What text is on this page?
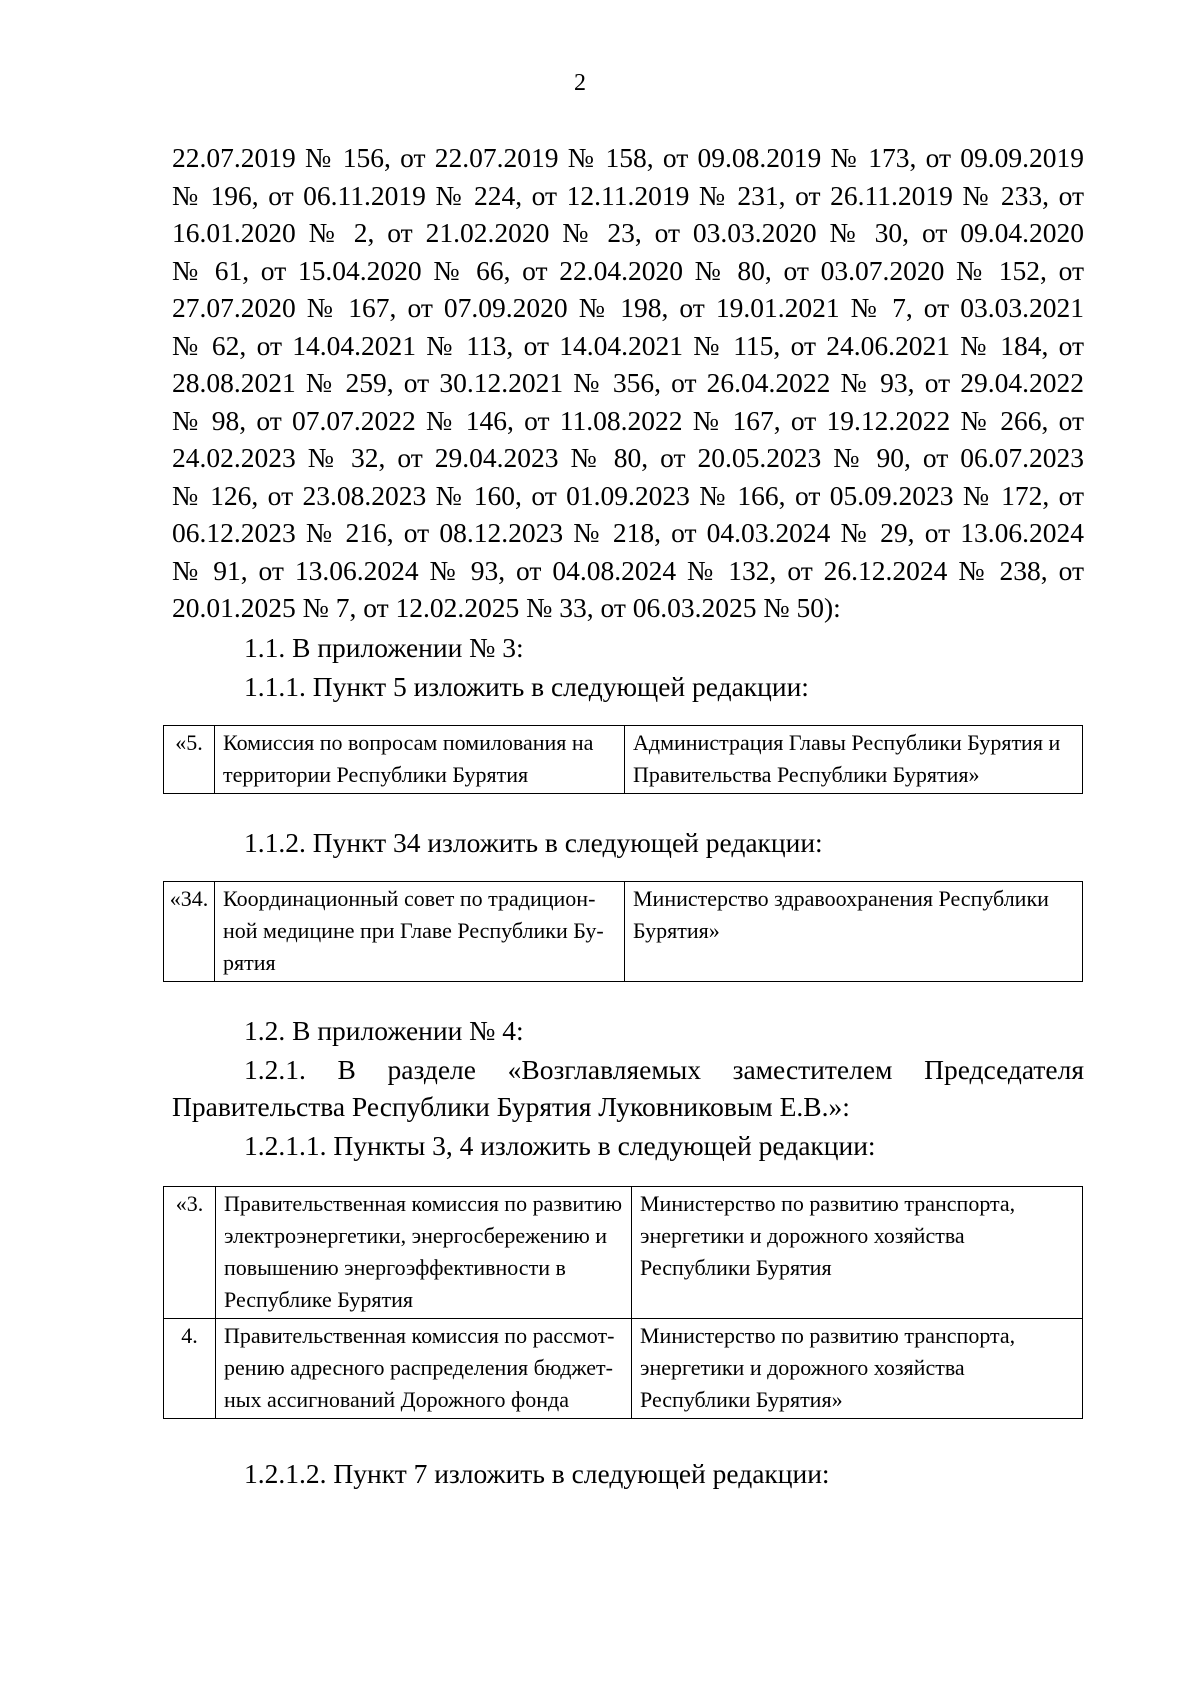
2
22.07.2019 № 156, от 22.07.2019 № 158, от 09.08.2019 № 173, от 09.09.2019
№ 196, от 06.11.2019 № 224, от 12.11.2019 № 231, от 26.11.2019 № 233, от
16.01.2020 № 2, от 21.02.2020 № 23, от 03.03.2020 № 30, от 09.04.2020
№ 61, от 15.04.2020 № 66, от 22.04.2020 № 80, от 03.07.2020 № 152, от
27.07.2020 № 167, от 07.09.2020 № 198, от 19.01.2021 № 7, от 03.03.2021
№ 62, от 14.04.2021 № 113, от 14.04.2021 № 115, от 24.06.2021 № 184, от
28.08.2021 № 259, от 30.12.2021 № 356, от 26.04.2022 № 93, от 29.04.2022
№ 98, от 07.07.2022 № 146, от 11.08.2022 № 167, от 19.12.2022 № 266, от
24.02.2023 № 32, от 29.04.2023 № 80, от 20.05.2023 № 90, от 06.07.2023
№ 126, от 23.08.2023 № 160, от 01.09.2023 № 166, от 05.09.2023 № 172, от
06.12.2023 № 216, от 08.12.2023 № 218, от 04.03.2024 № 29, от 13.06.2024
№ 91, от 13.06.2024 № 93, от 04.08.2024 № 132, от 26.12.2024 № 238, от
20.01.2025 № 7, от 12.02.2025 № 33, от 06.03.2025 № 50):

1.1. В приложении № 3:

1.1.1. Пункт 5 изложить в следующей редакции:

«5.	Комиссия по вопросам помилования на территории Республики Бурятия	Администрация Главы Республики Бурятия и Правительства Республики Бурятия»

1.1.2. Пункт 34 изложить в следующей редакции:

«34.	Координационный совет по традиционной медицине при Главе Республики Бурятия	Министерство здравоохранения Республики Бурятия»

1.2. В приложении № 4:

1.2.1. В разделе «Возглавляемых заместителем Председателя Правительства Республики Бурятия Луковниковым Е.В.»:

1.2.1.1. Пункты 3, 4 изложить в следующей редакции:

«3.	Правительственная комиссия по развитию электроэнергетики, энергосбережению и повышению энергоэффективности в Республике Бурятия	Министерство по развитию транспорта, энергетики и дорожного хозяйства Республики Бурятия
4.	Правительственная комиссия по рассмотрению адресного распределения бюджетных ассигнований Дорожного фонда	Министерство по развитию транспорта, энергетики и дорожного хозяйства Республики Бурятия»

1.2.1.2. Пункт 7 изложить в следующей редакции:
